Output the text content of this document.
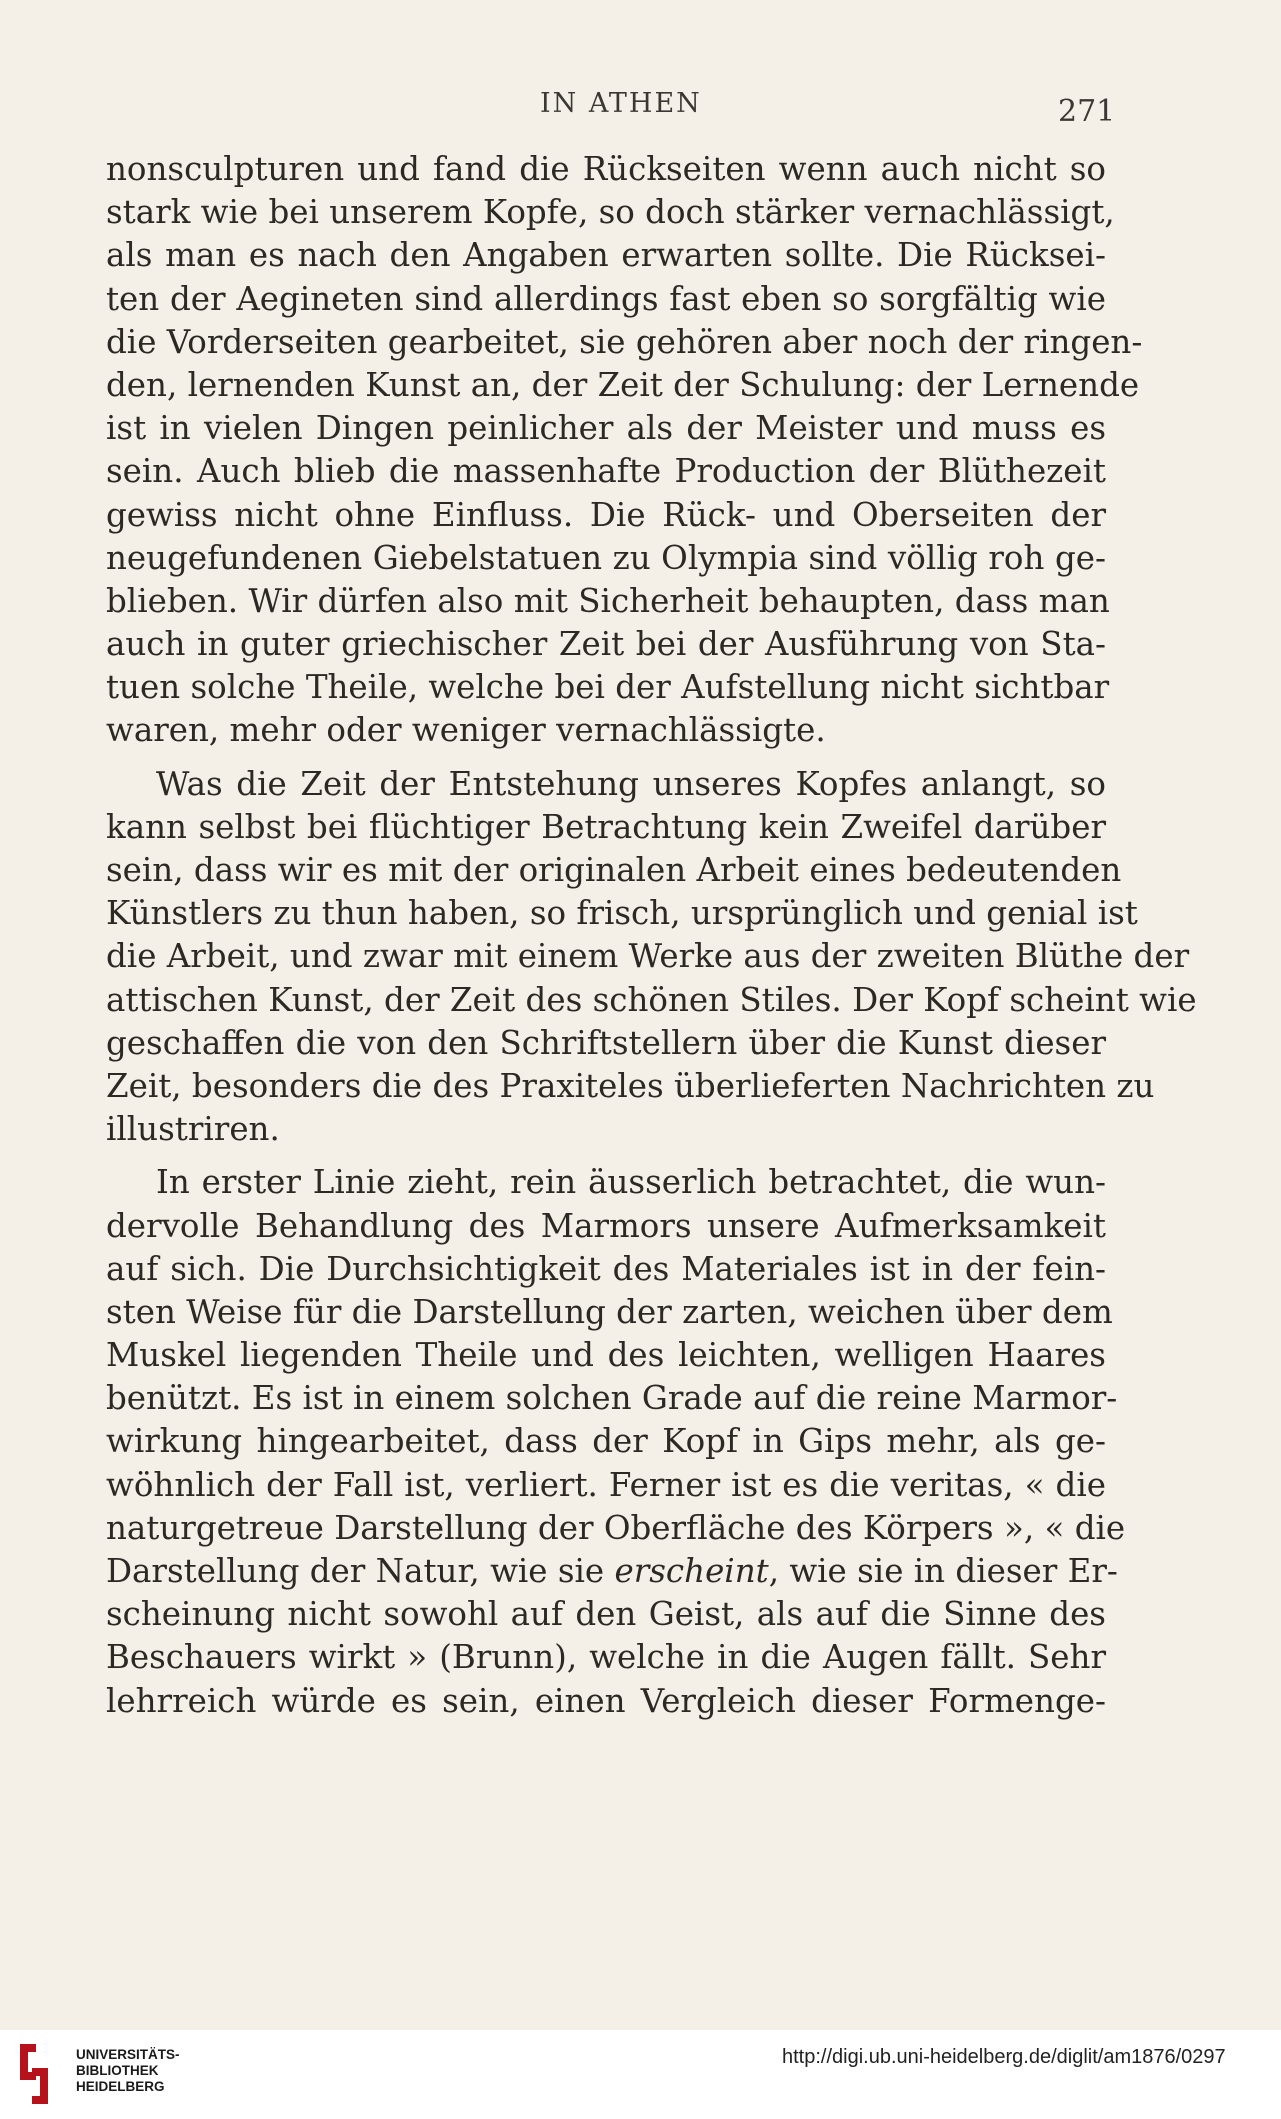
IN ATHEN	271
nonsculpturen und fand die Rückseiten wenn auch nicht so
stark wie bei unserem Kopfe, so doch stärker vernachlässigt,
als man es nach den Angaben erwarten sollte. Die Rücksei-
ten der Aegineten sind allerdings fast eben so sorgfältig wie
die Vorderseiten gearbeitet, sie gehören aber noch der ringen-
den, lernenden Kunst an, der Zeit der Schulung: der Lernende
ist in vielen Dingen peinlicher als der Meister und muss es
sein. Auch blieb die massenhafte Production der Blüthezeit
gewiss nicht ohne Einfluss. Die Rück- und Oberseiten der
neugefundenen Giebelstatuen zu Olympia sind völlig roh ge-
blieben. Wir dürfen also mit Sicherheit behaupten, dass man
auch in guter griechischer Zeit bei der Ausführung von Sta-
tuen solche Theile, welche bei der Aufstellung nicht sichtbar
waren, mehr oder weniger vernachlässigte.
Was die Zeit der Entstehung unseres Kopfes anlangt, so
kann selbst bei flüchtiger Betrachtung kein Zweifel darüber
sein, dass wir es mit der originalen Arbeit eines bedeutenden
Künstlers zu thun haben, so frisch, ursprünglich und genial ist
die Arbeit, und zwar mit einem Werke aus der zweiten Blüthe der
attischen Kunst, der Zeit des schönen Stiles. Der Kopf scheint wie
geschaffen die von den Schriftstellern über die Kunst dieser
Zeit, besonders die des Praxiteles überlieferten Nachrichten zu
illustriren.
In erster Linie zieht, rein äusserlich betrachtet, die wun-
dervolle Behandlung des Marmors unsere Aufmerksamkeit
auf sich. Die Durchsichtigkeit des Materiales ist in der fein-
sten Weise für die Darstellung der zarten, weichen über dem
Muskel liegenden Theile und des leichten, welligen Haares
benützt. Es ist in einem solchen Grade auf die reine Marmor-
wirkung hingearbeitet, dass der Kopf in Gips mehr, als ge-
wöhnlich der Fall ist, verliert. Ferner ist es die veritas, « die
naturgetreue Darstellung der Oberfläche des Körpers », « die
Darstellung der Natur, wie sie erscheint, wie sie in dieser Er-
scheinung nicht sowohl auf den Geist, als auf die Sinne des
Beschauers wirkt » (Brunn), welche in die Augen fällt. Sehr
lehrreich würde es sein, einen Vergleich dieser Formenge-
UNIVERSITÄTS-
BIBLIOTHEK
HEIDELBERG
http://digi.ub.uni-heidelberg.de/diglit/am1876/0297
